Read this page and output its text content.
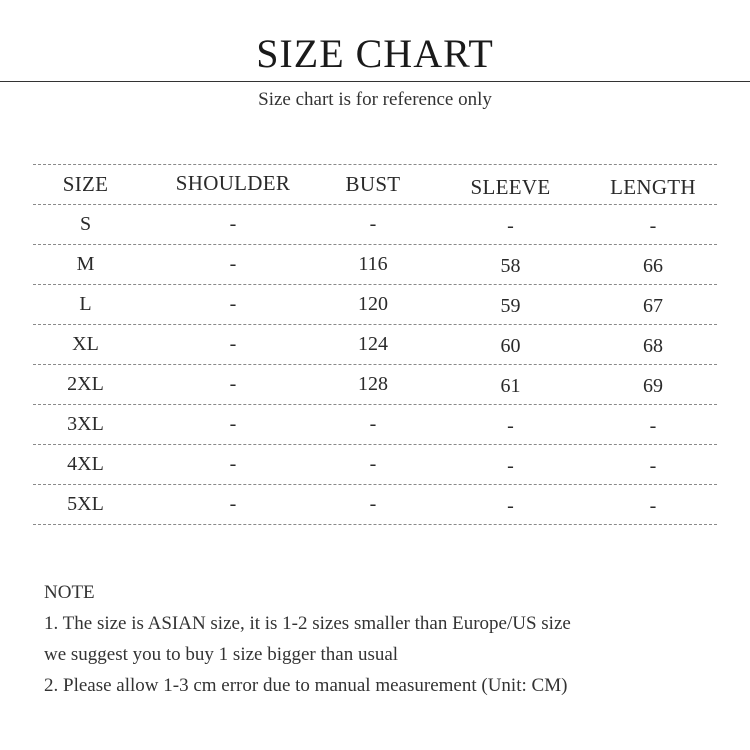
SIZE CHART
Size chart is for reference only
SIZE	SHOULDER	BUST	SLEEVE	LENGTH
S	-	-	-	-
M	-	116	58	66
L	-	120	59	67
XL	-	124	60	68
2XL	-	128	61	69
3XL	-	-	-	-
4XL	-	-	-	-
5XL	-	-	-	-
NOTE
1. The size is ASIAN size, it is 1-2 sizes smaller than Europe/US size
we suggest you to buy 1 size bigger than usual
2. Please allow 1-3 cm error due to manual measurement (Unit: CM)
